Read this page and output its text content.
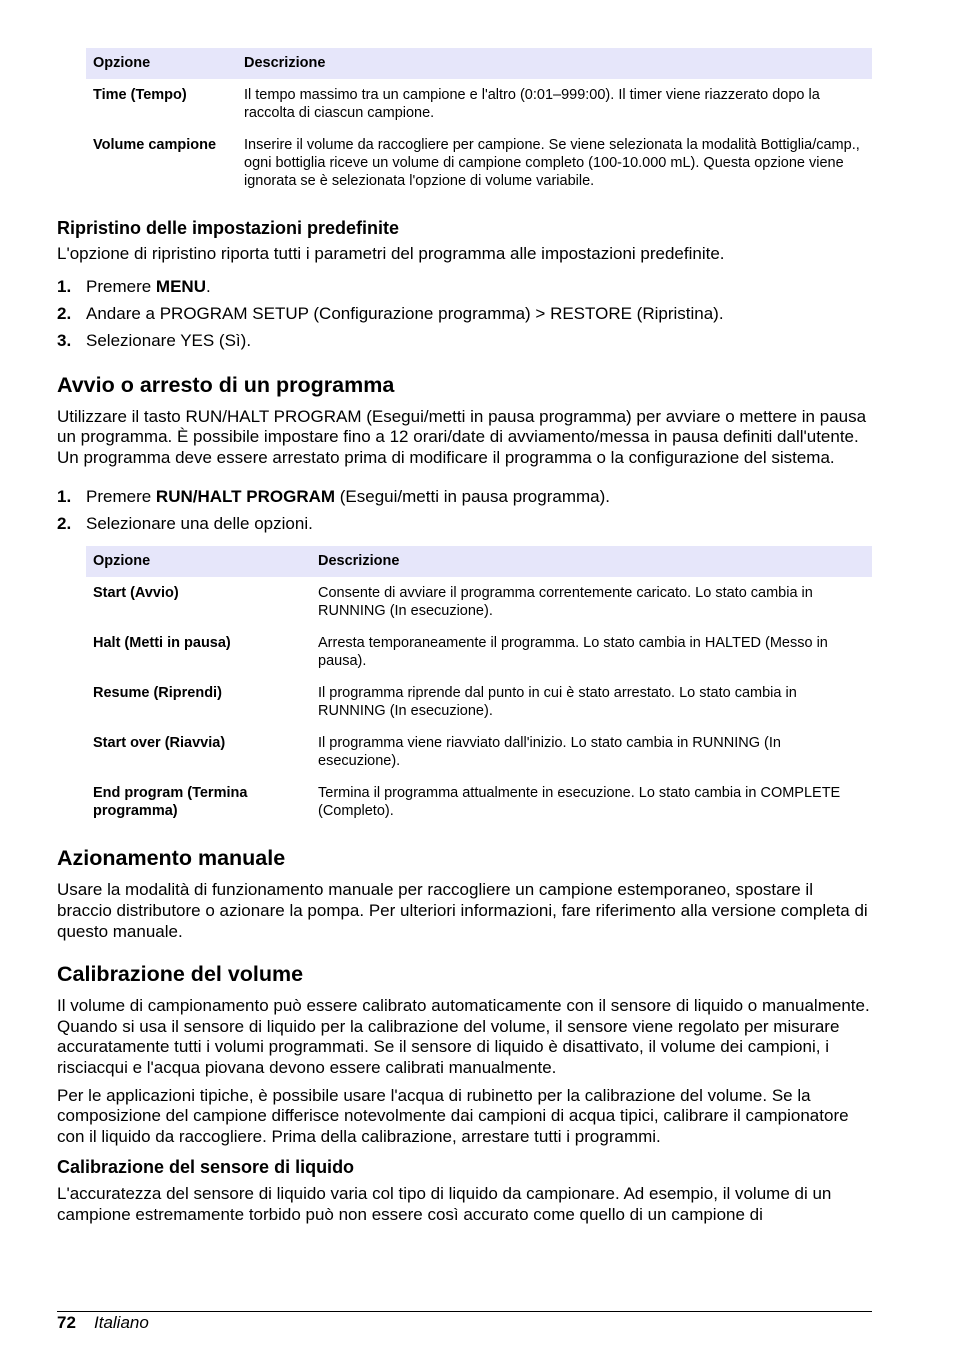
Opzione	Descrizione
Time (Tempo)	Il tempo massimo tra un campione e l'altro (0:01–999:00). Il timer viene riazzerato dopo la raccolta di ciascun campione.
Volume campione	Inserire il volume da raccogliere per campione. Se viene selezionata la modalità Bottiglia/camp., ogni bottiglia riceve un volume di campione completo (100-10.000 mL). Questa opzione viene ignorata se è selezionata l'opzione di volume variabile.
Ripristino delle impostazioni predefinite

L'opzione di ripristino riporta tutti i parametri del programma alle impostazioni predefinite.

1. Premere MENU.
2. Andare a PROGRAM SETUP (Configurazione programma) > RESTORE (Ripristina).
3. Selezionare YES (Sì).
Avvio o arresto di un programma

Utilizzare il tasto RUN/HALT PROGRAM (Esegui/metti in pausa programma) per avviare o mettere in pausa un programma. È possibile impostare fino a 12 orari/date di avviamento/messa in pausa definiti dall'utente. Un programma deve essere arrestato prima di modificare il programma o la configurazione del sistema.

1. Premere RUN/HALT PROGRAM (Esegui/metti in pausa programma).
2. Selezionare una delle opzioni.
Opzione	Descrizione
Start (Avvio)	Consente di avviare il programma correntemente caricato. Lo stato cambia in RUNNING (In esecuzione).
Halt (Metti in pausa)	Arresta temporaneamente il programma. Lo stato cambia in HALTED (Messo in pausa).
Resume (Riprendi)	Il programma riprende dal punto in cui è stato arrestato. Lo stato cambia in RUNNING (In esecuzione).
Start over (Riavvia)	Il programma viene riavviato dall'inizio. Lo stato cambia in RUNNING (In esecuzione).
End program (Termina programma)	Termina il programma attualmente in esecuzione. Lo stato cambia in COMPLETE (Completo).
Azionamento manuale

Usare la modalità di funzionamento manuale per raccogliere un campione estemporaneo, spostare il braccio distributore o azionare la pompa. Per ulteriori informazioni, fare riferimento alla versione completa di questo manuale.

Calibrazione del volume

Il volume di campionamento può essere calibrato automaticamente con il sensore di liquido o manualmente. Quando si usa il sensore di liquido per la calibrazione del volume, il sensore viene regolato per misurare accuratamente tutti i volumi programmati. Se il sensore di liquido è disattivato, il volume dei campioni, i risciacqui e l'acqua piovana devono essere calibrati manualmente.

Per le applicazioni tipiche, è possibile usare l'acqua di rubinetto per la calibrazione del volume. Se la composizione del campione differisce notevolmente dai campioni di acqua tipici, calibrare il campionatore con il liquido da raccogliere. Prima della calibrazione, arrestare tutti i programmi.

Calibrazione del sensore di liquido

L'accuratezza del sensore di liquido varia col tipo di liquido da campionare. Ad esempio, il volume di un campione estremamente torbido può non essere così accurato come quello di un campione di

72 Italiano
